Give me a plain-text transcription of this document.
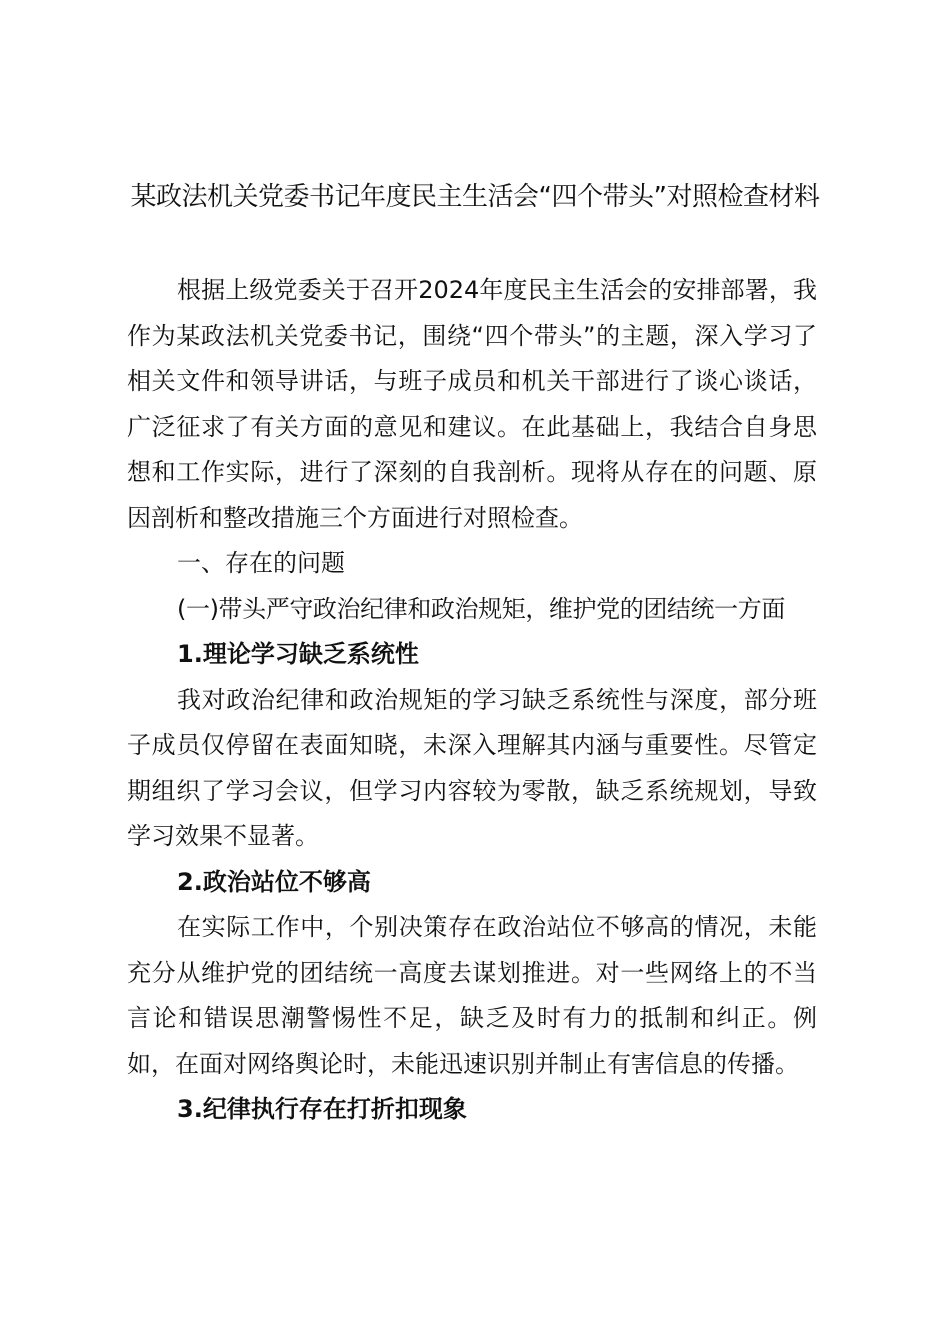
某政法机关党委书记年度民主生活会“四个带头”对照检查材料

根据上级党委关于召开2024年度民主生活会的安排部署，我作为某政法机关党委书记，围绕“四个带头”的主题，深入学习了相关文件和领导讲话，与班子成员和机关干部进行了谈心谈话，广泛征求了有关方面的意见和建议。在此基础上，我结合自身思想和工作实际，进行了深刻的自我剖析。现将从存在的问题、原因剖析和整改措施三个方面进行对照检查。

一、存在的问题

(一)带头严守政治纪律和政治规矩，维护党的团结统一方面

1.理论学习缺乏系统性

我对政治纪律和政治规矩的学习缺乏系统性与深度，部分班子成员仅停留在表面知晓，未深入理解其内涵与重要性。尽管定期组织了学习会议，但学习内容较为零散，缺乏系统规划，导致学习效果不显著。

2.政治站位不够高

在实际工作中，个别决策存在政治站位不够高的情况，未能充分从维护党的团结统一高度去谋划推进。对一些网络上的不当言论和错误思潮警惕性不足，缺乏及时有力的抵制和纠正。例如，在面对网络舆论时，未能迅速识别并制止有害信息的传播。

3.纪律执行存在打折扣现象
